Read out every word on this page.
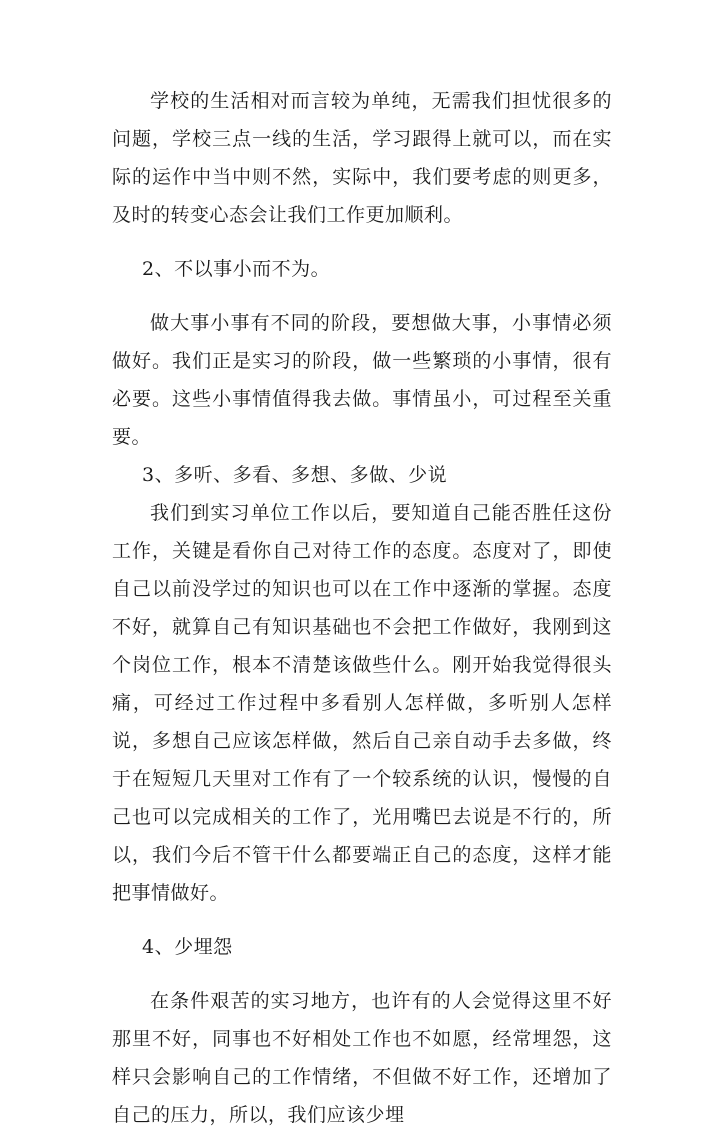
学校的生活相对而言较为单纯，无需我们担忧很多的问题，学校三点一线的生活，学习跟得上就可以，而在实际的运作中当中则不然，实际中，我们要考虑的则更多，及时的转变心态会让我们工作更加顺利。

2、不以事小而不为。

做大事小事有不同的阶段，要想做大事，小事情必须做好。我们正是实习的阶段，做一些繁琐的小事情，很有必要。这些小事情值得我去做。事情虽小，可过程至关重要。

3、多听、多看、多想、多做、少说

我们到实习单位工作以后，要知道自己能否胜任这份工作，关键是看你自己对待工作的态度。态度对了，即使自己以前没学过的知识也可以在工作中逐渐的掌握。态度不好，就算自己有知识基础也不会把工作做好，我刚到这个岗位工作，根本不清楚该做些什么。刚开始我觉得很头痛，可经过工作过程中多看别人怎样做，多听别人怎样说，多想自己应该怎样做，然后自己亲自动手去多做，终于在短短几天里对工作有了一个较系统的认识，慢慢的自己也可以完成相关的工作了，光用嘴巴去说是不行的，所以，我们今后不管干什么都要端正自己的态度，这样才能把事情做好。

4、少埋怨

在条件艰苦的实习地方，也许有的人会觉得这里不好那里不好，同事也不好相处工作也不如愿，经常埋怨，这样只会影响自己的工作情绪，不但做不好工作，还增加了自己的压力，所以，我们应该少埋
